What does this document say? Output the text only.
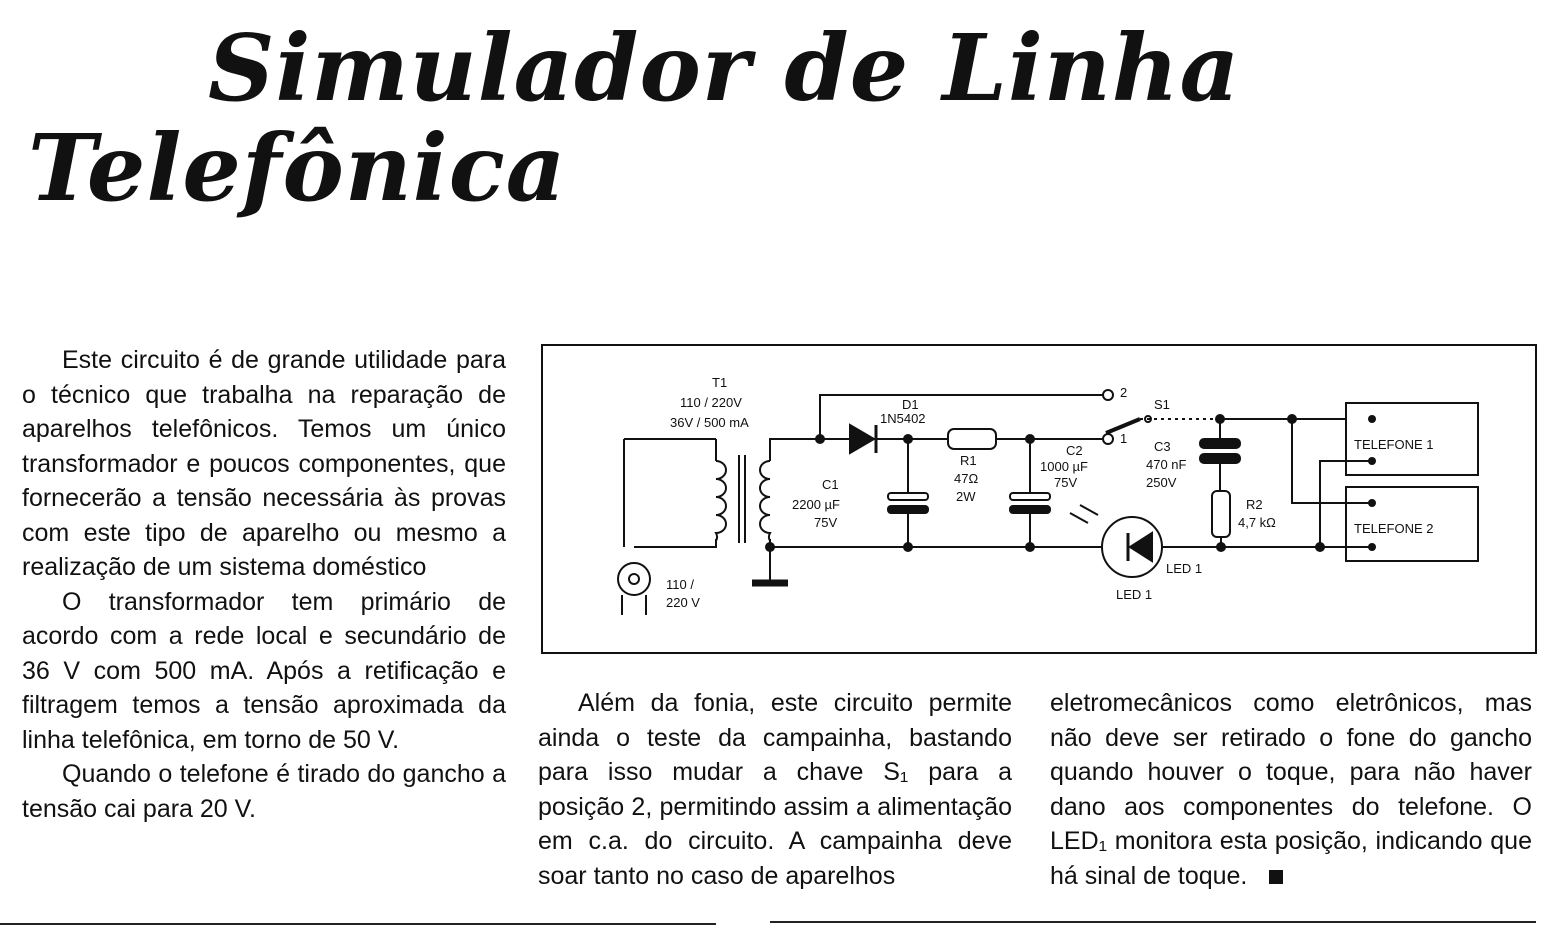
Simulador de Linha
Telefônica

Este circuito é de grande utilidade para o técnico que trabalha na reparação de aparelhos telefônicos. Temos um único transformador e poucos componentes, que fornecerão a tensão necessária às provas com este tipo de aparelho ou mesmo a realização de um sistema doméstico

O transformador tem primário de acordo com a rede local e secundário de 36 V com 500 mA. Após a retificação e filtragem temos a tensão aproximada da linha telefônica, em torno de 50 V.

Quando o telefone é tirado do gancho a tensão cai para 20 V.

T1
110 / 220V
36V / 500 mA
D1
1N5402
R1
47Ω
2W
C1
2200 µF
75V
C2
1000 µF
75V
C3
470 nF
250V
R2
4,7 kΩ
S1
2
1
LED 1
LED 1
110 /
220 V
TELEFONE 1
TELEFONE 2

Além da fonia, este circuito permite ainda o teste da campainha, bastando para isso mudar a chave S₁ para a posição 2, permitindo assim a alimentação em c.a. do circuito. A campainha deve soar tanto no caso de aparelhos

eletromecânicos como eletrônicos, mas não deve ser retirado o fone do gancho quando houver o toque, para não haver dano aos componentes do telefone. O LED₁ monitora esta posição, indicando que há sinal de toque.
